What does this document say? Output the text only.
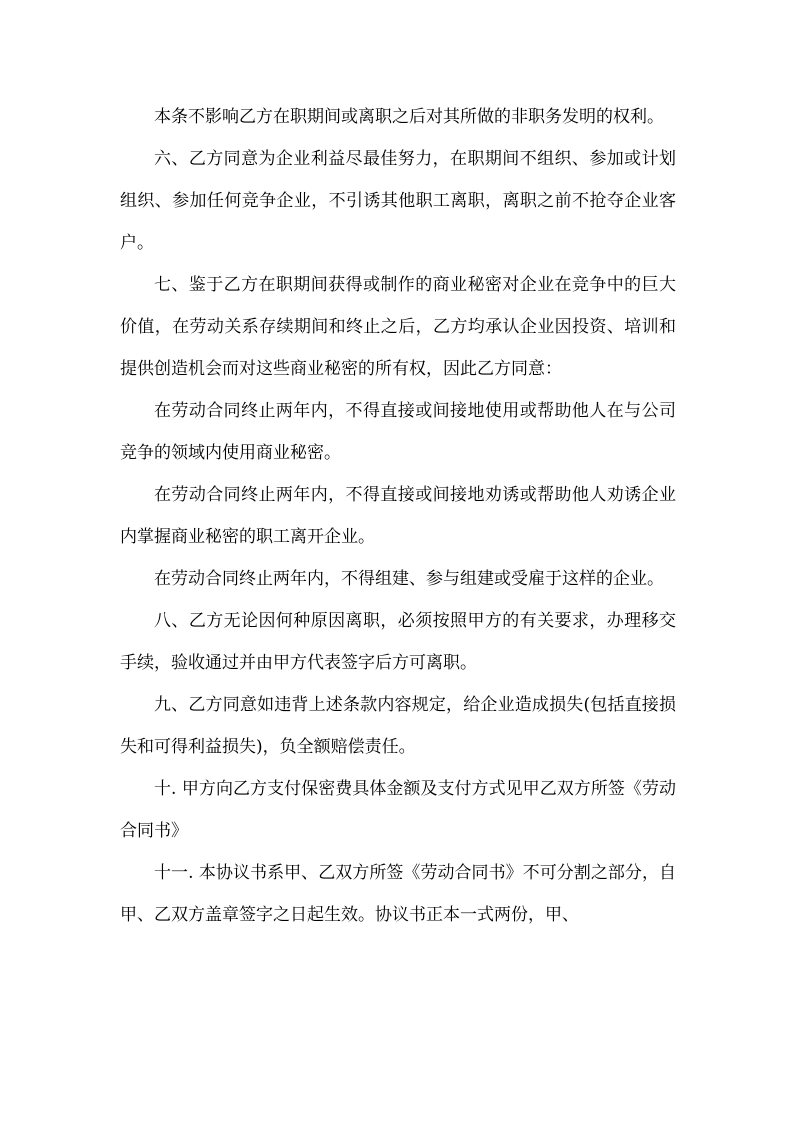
本条不影响乙方在职期间或离职之后对其所做的非职务发明的权利。

六、乙方同意为企业利益尽最佳努力，在职期间不组织、参加或计划组织、参加任何竞争企业，不引诱其他职工离职，离职之前不抢夺企业客户。

七、鉴于乙方在职期间获得或制作的商业秘密对企业在竞争中的巨大价值，在劳动关系存续期间和终止之后，乙方均承认企业因投资、培训和提供创造机会而对这些商业秘密的所有权，因此乙方同意：

在劳动合同终止两年内，不得直接或间接地使用或帮助他人在与公司竞争的领域内使用商业秘密。

在劳动合同终止两年内，不得直接或间接地劝诱或帮助他人劝诱企业内掌握商业秘密的职工离开企业。

在劳动合同终止两年内，不得组建、参与组建或受雇于这样的企业。

八、乙方无论因何种原因离职，必须按照甲方的有关要求，办理移交手续，验收通过并由甲方代表签字后方可离职。

九、乙方同意如违背上述条款内容规定，给企业造成损失(包括直接损失和可得利益损失)，负全额赔偿责任。

十. 甲方向乙方支付保密费具体金额及支付方式见甲乙双方所签《劳动合同书》

十一. 本协议书系甲、乙双方所签《劳动合同书》不可分割之部分，自甲、乙双方盖章签字之日起生效。协议书正本一式两份，甲、
